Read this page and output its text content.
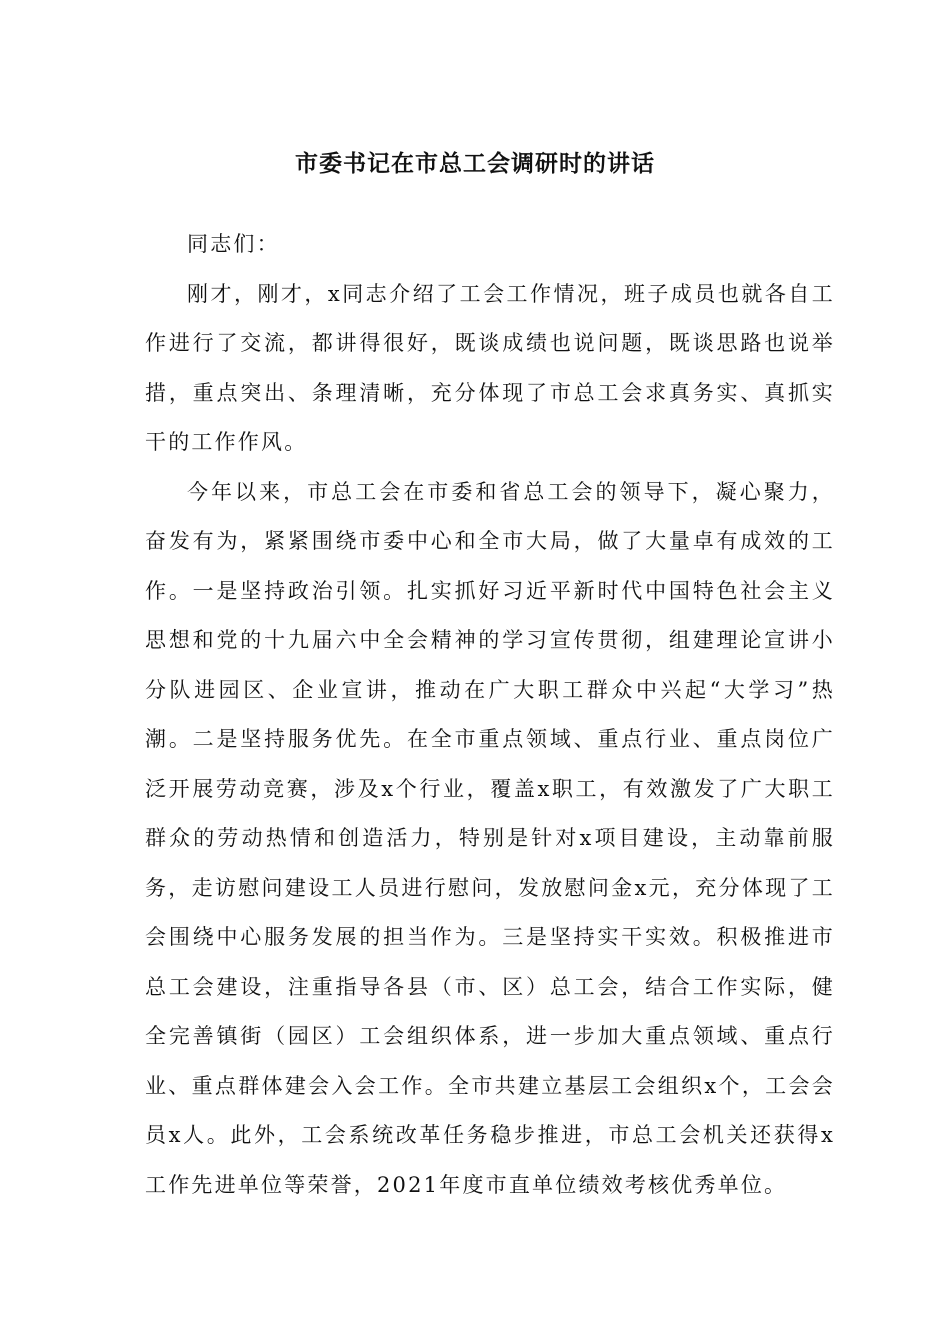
市委书记在市总工会调研时的讲话

同志们：

刚才，刚才，x同志介绍了工会工作情况，班子成员也就各自工作进行了交流，都讲得很好，既谈成绩也说问题，既谈思路也说举措，重点突出、条理清晰，充分体现了市总工会求真务实、真抓实干的工作作风。

今年以来，市总工会在市委和省总工会的领导下，凝心聚力，奋发有为，紧紧围绕市委中心和全市大局，做了大量卓有成效的工作。一是坚持政治引领。扎实抓好习近平新时代中国特色社会主义思想和党的十九届六中全会精神的学习宣传贯彻，组建理论宣讲小分队进园区、企业宣讲，推动在广大职工群众中兴起“大学习”热潮。二是坚持服务优先。在全市重点领域、重点行业、重点岗位广泛开展劳动竞赛，涉及x个行业，覆盖x职工，有效激发了广大职工群众的劳动热情和创造活力，特别是针对x项目建设，主动靠前服务，走访慰问建设工人员进行慰问，发放慰问金x元，充分体现了工会围绕中心服务发展的担当作为。三是坚持实干实效。积极推进市总工会建设，注重指导各县（市、区）总工会，结合工作实际，健全完善镇街（园区）工会组织体系，进一步加大重点领域、重点行业、重点群体建会入会工作。全市共建立基层工会组织x个，工会会员x人。此外，工会系统改革任务稳步推进，市总工会机关还获得x工作先进单位等荣誉，2021年度市直单位绩效考核优秀单位。
